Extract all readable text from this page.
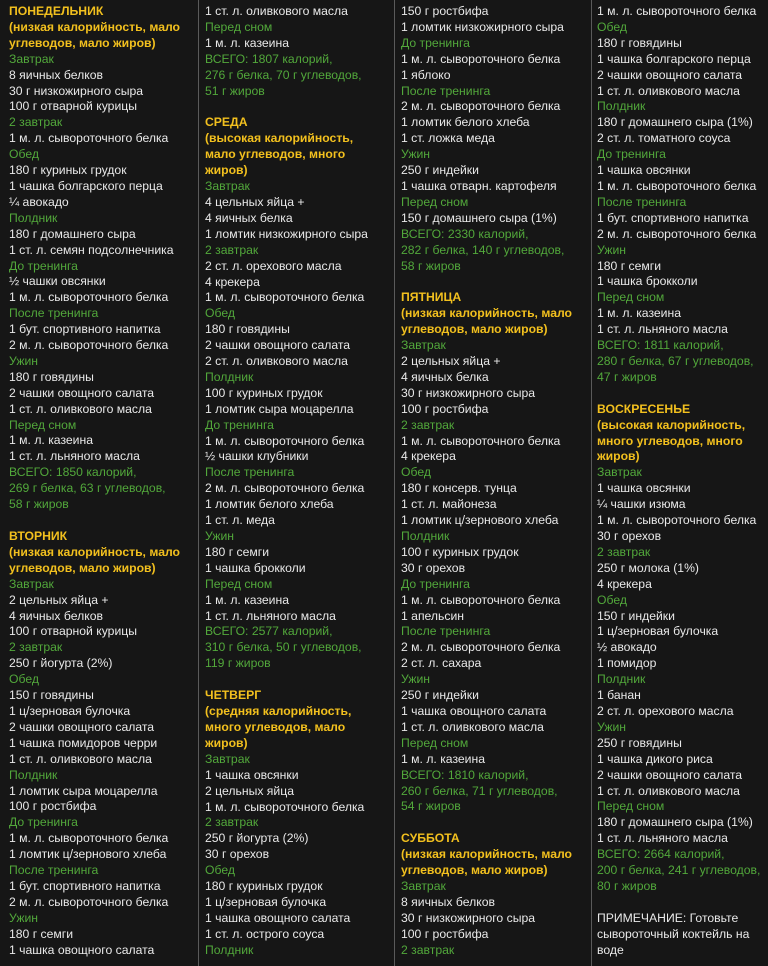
ПОНЕДЕЛЬНИК
(низкая калорийность, мало
углеводов, мало жиров)
Завтрак
8 яичных белков
30 г низкожирного сыра
100 г отварной курицы
2 завтрак
1 м. л. сывороточного белка
Обед
180 г куриных грудок
1 чашка болгарского перца
¼ авокадо
Полдник
180 г домашнего сыра
1 ст. л. семян подсолнечника
До тренинга
½ чашки овсянки
1 м. л. сывороточного белка
После тренинга
1 бут. спортивного напитка
2 м. л. сывороточного белка
Ужин
180 г говядины
2 чашки овощного салата
1 ст. л. оливкового масла
Перед сном
1 м. л. казеина
1 ст. л. льняного масла
ВСЕГО: 1850 калорий,
269 г белка, 63 г углеводов,
58 г жиров
ВТОРНИК
(низкая калорийность, мало
углеводов, мало жиров)
Завтрак
2 цельных яйца +
4 яичных белков
100 г отварной курицы
2 завтрак
250 г йогурта (2%)
Обед
150 г говядины
1 ц/зерновая булочка
2 чашки овощного салата
1 чашка помидоров черри
1 ст. л. оливкового масла
Полдник
1 ломтик сыра моцарелла
100 г ростбифа
До тренинга
1 м. л. сывороточного белка
1 ломтик ц/зернового хлеба
После тренинга
1 бут. спортивного напитка
2 м. л. сывороточного белка
Ужин
180 г семги
1 чашка овощного салата
1 ст. л. оливкового масла
Перед сном
1 м. л. казеина
ВСЕГО: 1807 калорий,
276 г белка, 70 г углеводов,
51 г жиров
СРЕДА
(высокая калорийность,
мало углеводов, много
жиров)
Завтрак
4 цельных яйца +
4 яичных белка
1 ломтик низкожирного сыра
2 завтрак
2 ст. л. орехового масла
4 крекера
1 м. л. сывороточного белка
Обед
180 г говядины
2 чашки овощного салата
2 ст. л. оливкового масла
Полдник
100 г куриных грудок
1 ломтик сыра моцарелла
До тренинга
1 м. л. сывороточного белка
½ чашки клубники
После тренинга
2 м. л. сывороточного белка
1 ломтик белого хлеба
1 ст. л. меда
Ужин
180 г семги
1 чашка брокколи
Перед сном
1 м. л. казеина
1 ст. л. льняного масла
ВСЕГО: 2577 калорий,
310 г белка, 50 г углеводов,
119 г жиров
ЧЕТВЕРГ
(средняя калорийность,
много углеводов, мало
жиров)
Завтрак
1 чашка овсянки
2 цельных яйца
1 м. л. сывороточного белка
2 завтрак
250 г йогурта (2%)
30 г орехов
Обед
180 г куриных грудок
1 ц/зерновая булочка
1 чашка овощного салата
1 ст. л. острого соуса
Полдник
150 г ростбифа
1 ломтик низкожирного сыра
До тренинга
1 м. л. сывороточного белка
1 яблоко
После тренинга
2 м. л. сывороточного белка
1 ломтик белого хлеба
1 ст. ложка меда
Ужин
250 г индейки
1 чашка отварн. картофеля
Перед сном
150 г домашнего сыра (1%)
ВСЕГО: 2330 калорий,
282 г белка, 140 г углеводов,
58 г жиров
ПЯТНИЦА
(низкая калорийность, мало
углеводов, мало жиров)
Завтрак
2 цельных яйца +
4 яичных белка
30 г низкожирного сыра
100 г ростбифа
2 завтрак
1 м. л. сывороточного белка
4 крекера
Обед
180 г консерв. тунца
1 ст. л. майонеза
1 ломтик ц/зернового хлеба
Полдник
100 г куриных грудок
30 г орехов
До тренинга
1 м. л. сывороточного белка
1 апельсин
После тренинга
2 м. л. сывороточного белка
2 ст. л. сахара
Ужин
250 г индейки
1 чашка овощного салата
1 ст. л. оливкового масла
Перед сном
1 м. л. казеина
ВСЕГО: 1810 калорий,
260 г белка, 71 г углеводов,
54 г жиров
СУББОТА
(низкая калорийность, мало
углеводов, мало жиров)
Завтрак
8 яичных белков
30 г низкожирного сыра
100 г ростбифа
2 завтрак
1 м. л. сывороточного белка
Обед
180 г говядины
1 чашка болгарского перца
2 чашки овощного салата
1 ст. л. оливкового масла
Полдник
180 г домашнего сыра (1%)
2 ст. л. томатного соуса
До тренинга
1 чашка овсянки
1 м. л. сывороточного белка
После тренинга
1 бут. спортивного напитка
2 м. л. сывороточного белка
Ужин
180 г семги
1 чашка брокколи
Перед сном
1 м. л. казеина
1 ст. л. льняного масла
ВСЕГО: 1811 калорий,
280 г белка, 67 г углеводов,
47 г жиров
ВОСКРЕСЕНЬЕ
(высокая калорийность,
много углеводов, много
жиров)
Завтрак
1 чашка овсянки
¼ чашки изюма
1 м. л. сывороточного белка
30 г орехов
2 завтрак
250 г молока (1%)
4 крекера
Обед
150 г индейки
1 ц/зерновая булочка
½ авокадо
1 помидор
Полдник
1 банан
2 ст. л. орехового масла
Ужин
250 г говядины
1 чашка дикого риса
2 чашки овощного салата
1 ст. л. оливкового масла
Перед сном
180 г домашнего сыра (1%)
1 ст. л. льняного масла
ВСЕГО: 2664 калорий,
200 г белка, 241 г углеводов,
80 г жиров
ПРИМЕЧАНИЕ: Готовьте сывороточный коктейль на воде
